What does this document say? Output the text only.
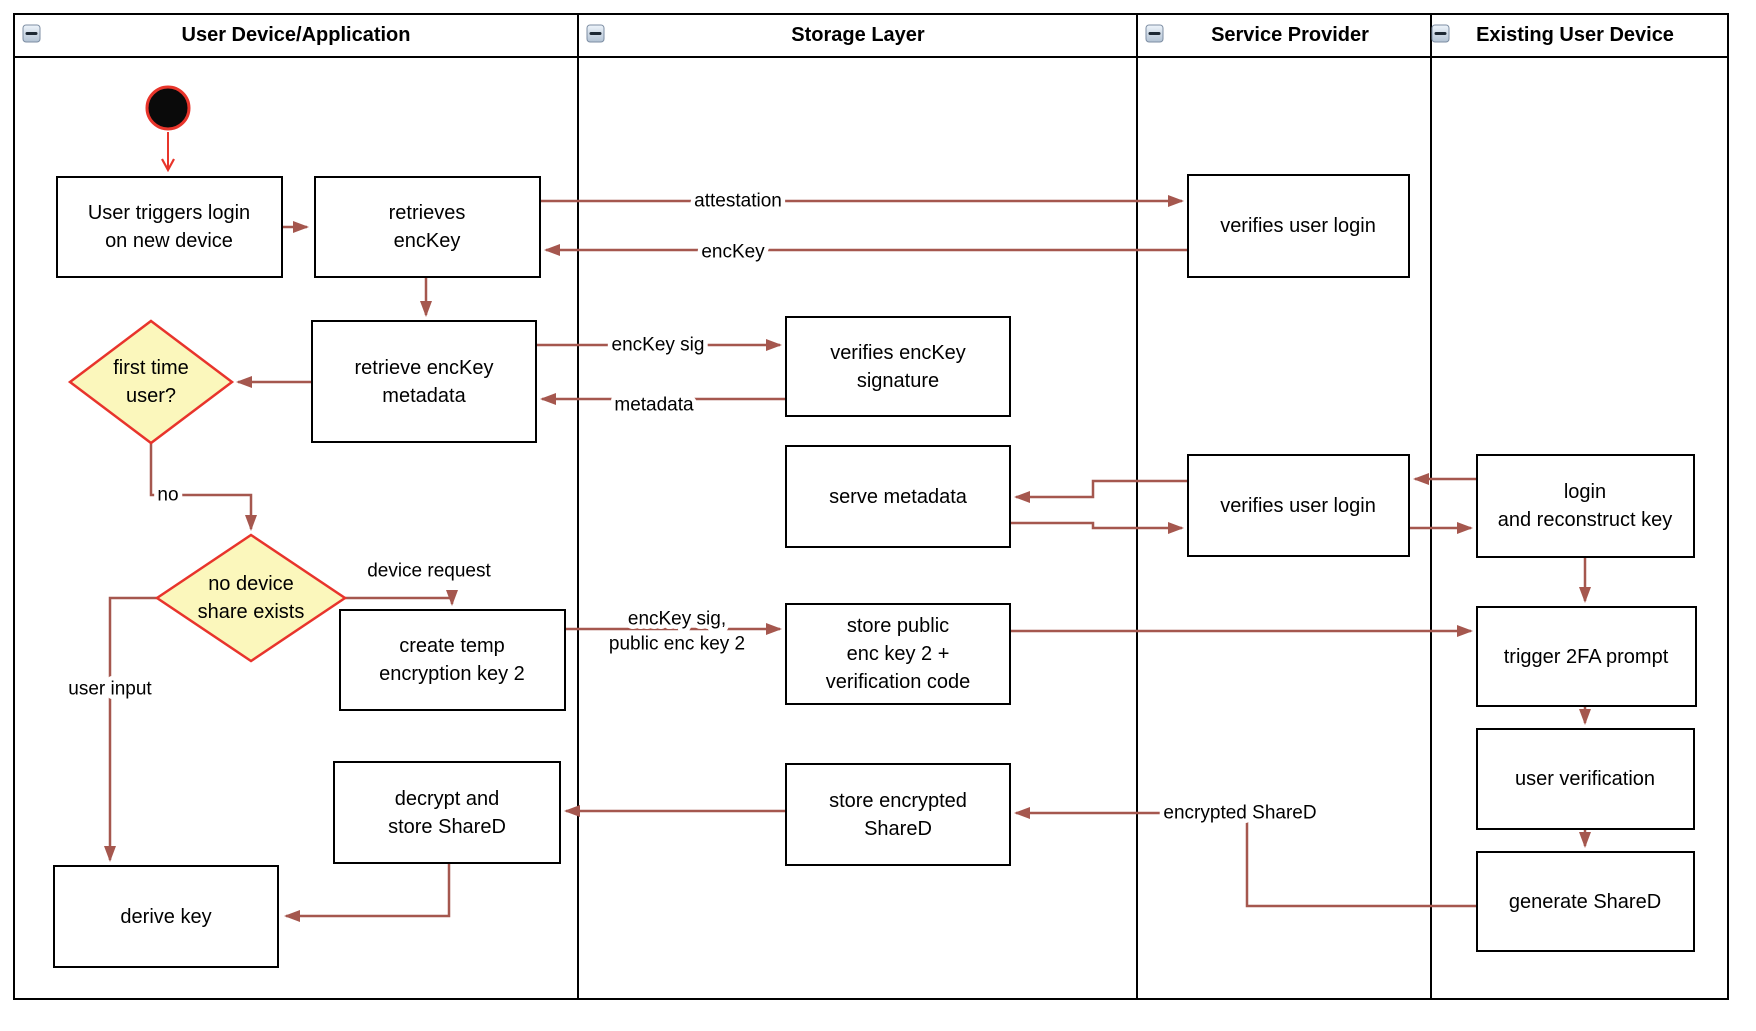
User Device/Application	Storage Layer	Service Provider	Existing User Device
attestation
encKey
encKey sig
metadata
no
device request
user input
encKey sig,
public enc key 2
encrypted ShareD
User triggers login
on new device
retrieves
encKey
retrieve encKey
metadata
first time
user?
no device
share exists
create temp
encryption key 2
decrypt and
store ShareD
derive key
verifies encKey
signature
serve metadata
store public
enc key 2 +
verification code
store encrypted
ShareD
verifies user login
verifies user login
login
and reconstruct key
trigger 2FA prompt
user verification
generate ShareD
